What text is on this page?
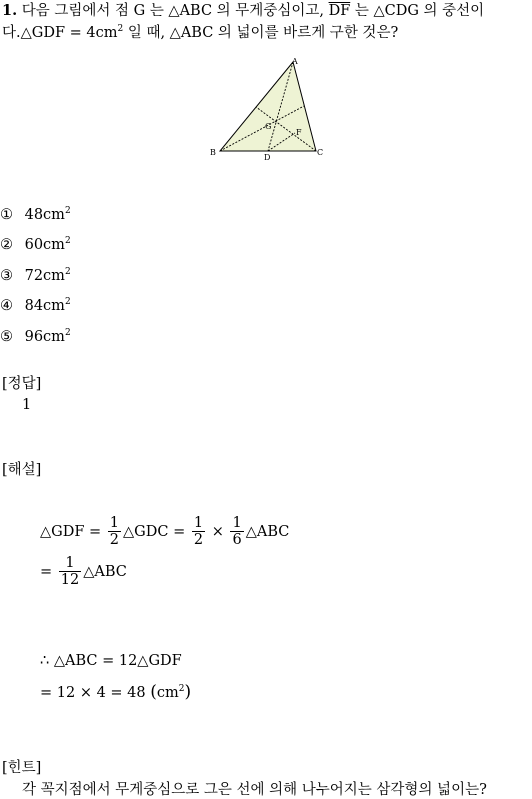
1. 다음 그림에서 점 G 는 △ABC 의 무게중심이고, $\overline{DF}$ 는 △CDG 의 중선이
다.△GDF = $4cm^2$ 일 때, △ABC 의 넓이를 바르게 구한 것은?
A
B	C
D
G
F
① $48cm^2$
② $60cm^2$
③ $72cm^2$
④ $84cm^2$
⑤ $96cm^2$
[정답]
1
[해설]
△GDF = $\frac{1}{2}$ △GDC = $\frac{1}{2} \times \frac{1}{6}$ △ABC
= $\frac{1}{12}$ △ABC
∴ △ABC = 12△GDF
= 12 × 4 = 48 $(cm^2)$
[힌트]
각 꼭지점에서 무게중심으로 그은 선에 의해 나누어지는 삼각형의 넓이는?
